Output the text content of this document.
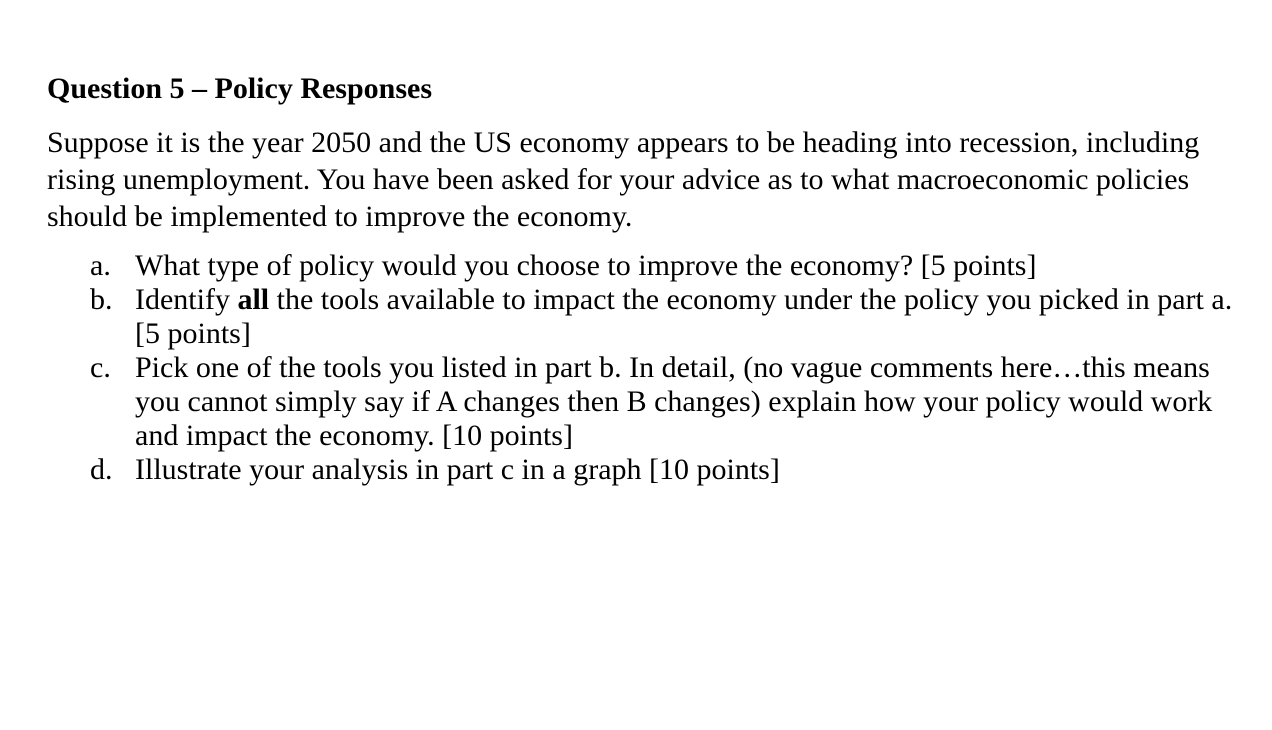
Question 5 – Policy Responses
Suppose it is the year 2050 and the US economy appears to be heading into recession, including rising unemployment. You have been asked for your advice as to what macroeconomic policies should be implemented to improve the economy.
a. What type of policy would you choose to improve the economy? [5 points]
b. Identify all the tools available to impact the economy under the policy you picked in part a. [5 points]
c. Pick one of the tools you listed in part b. In detail, (no vague comments here…this means you cannot simply say if A changes then B changes) explain how your policy would work and impact the economy. [10 points]
d. Illustrate your analysis in part c in a graph [10 points]
